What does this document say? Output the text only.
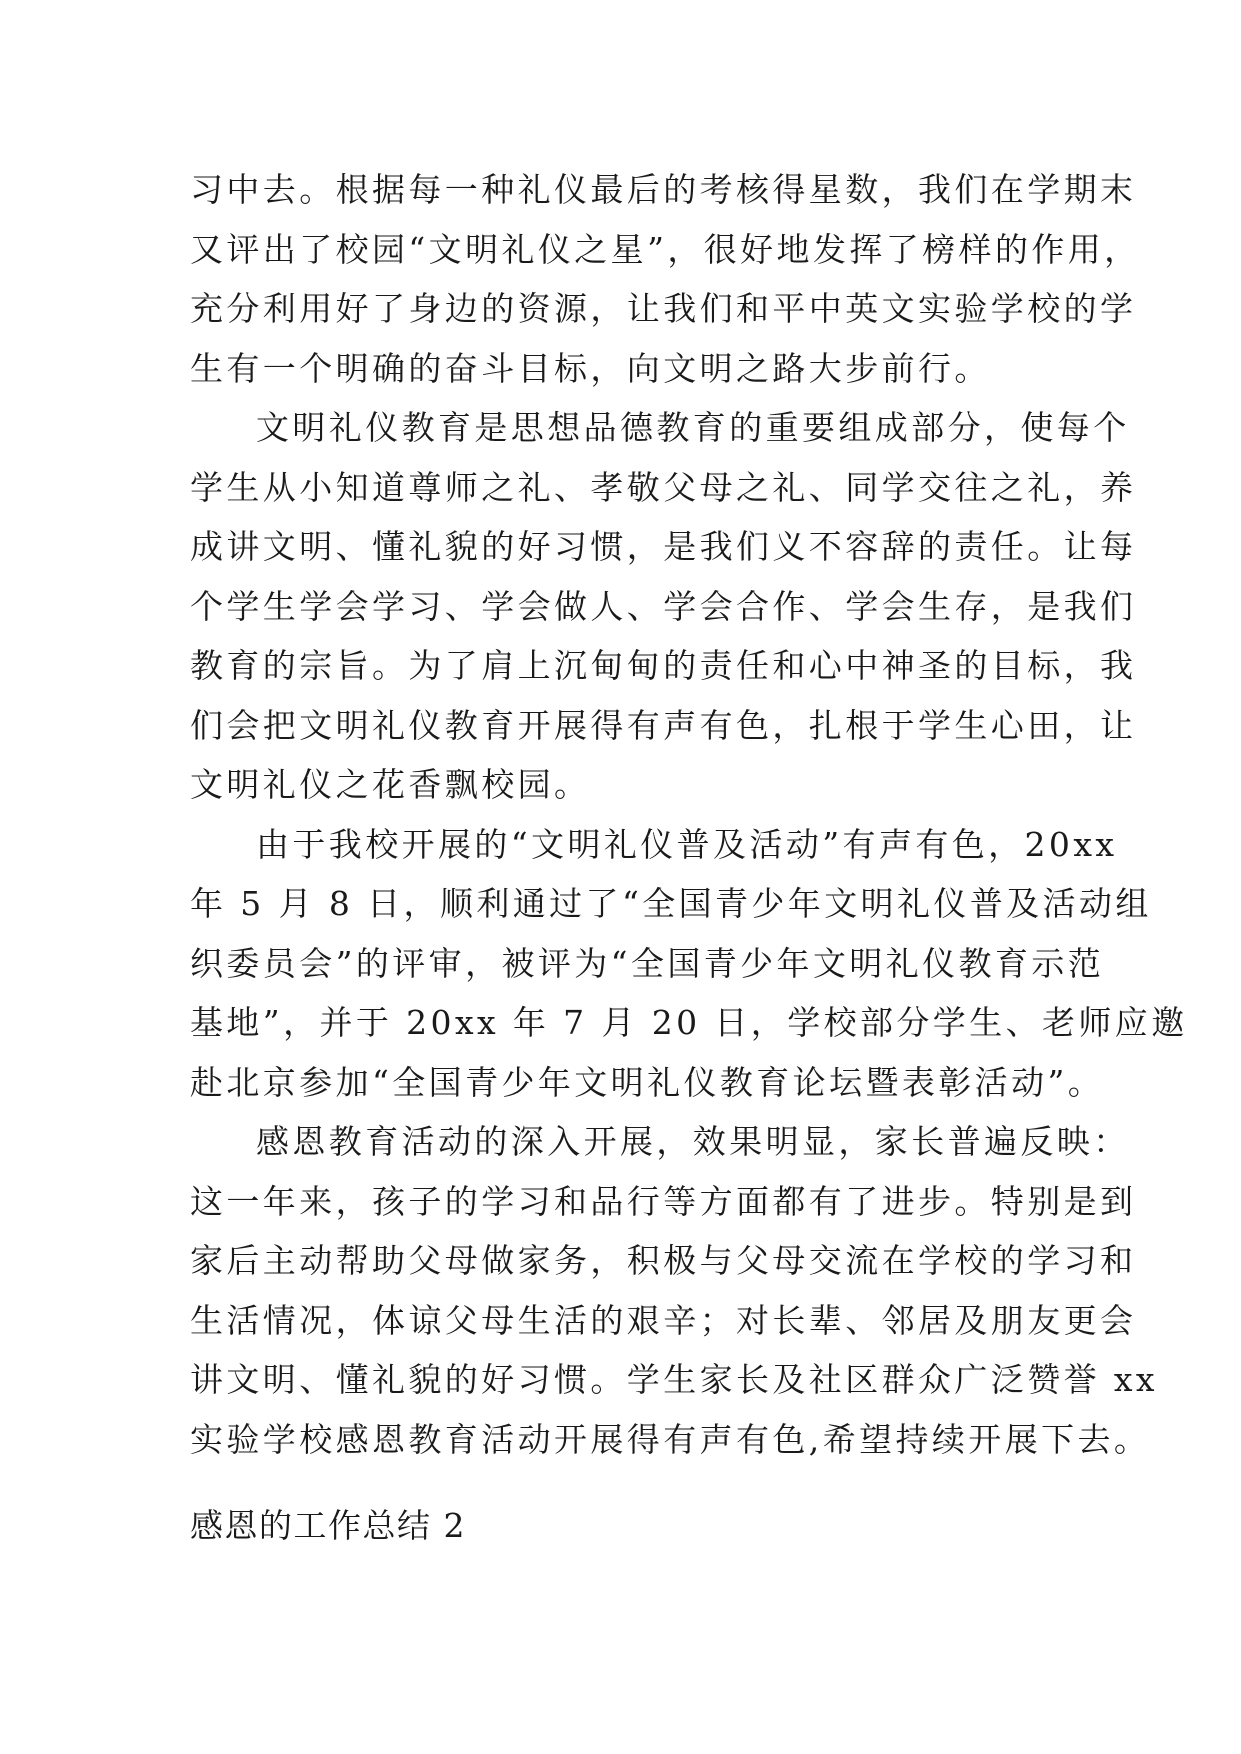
习中去。根据每一种礼仪最后的考核得星数，我们在学期末
又评出了校园“文明礼仪之星”，很好地发挥了榜样的作用，
充分利用好了身边的资源，让我们和平中英文实验学校的学
生有一个明确的奋斗目标，向文明之路大步前行。

文明礼仪教育是思想品德教育的重要组成部分，使每个
学生从小知道尊师之礼、孝敬父母之礼、同学交往之礼，养
成讲文明、懂礼貌的好习惯，是我们义不容辞的责任。让每
个学生学会学习、学会做人、学会合作、学会生存，是我们
教育的宗旨。为了肩上沉甸甸的责任和心中神圣的目标，我
们会把文明礼仪教育开展得有声有色，扎根于学生心田，让
文明礼仪之花香飘校园。

由于我校开展的“文明礼仪普及活动”有声有色，20xx
年 5 月 8 日，顺利通过了“全国青少年文明礼仪普及活动组
织委员会”的评审，被评为“全国青少年文明礼仪教育示范
基地”，并于 20xx 年 7 月 20 日，学校部分学生、老师应邀
赴北京参加“全国青少年文明礼仪教育论坛暨表彰活动”。

感恩教育活动的深入开展，效果明显，家长普遍反映：
这一年来，孩子的学习和品行等方面都有了进步。特别是到
家后主动帮助父母做家务，积极与父母交流在学校的学习和
生活情况，体谅父母生活的艰辛；对长辈、邻居及朋友更会
讲文明、懂礼貌的好习惯。学生家长及社区群众广泛赞誉 xx
实验学校感恩教育活动开展得有声有色,希望持续开展下去。

感恩的工作总结 2
